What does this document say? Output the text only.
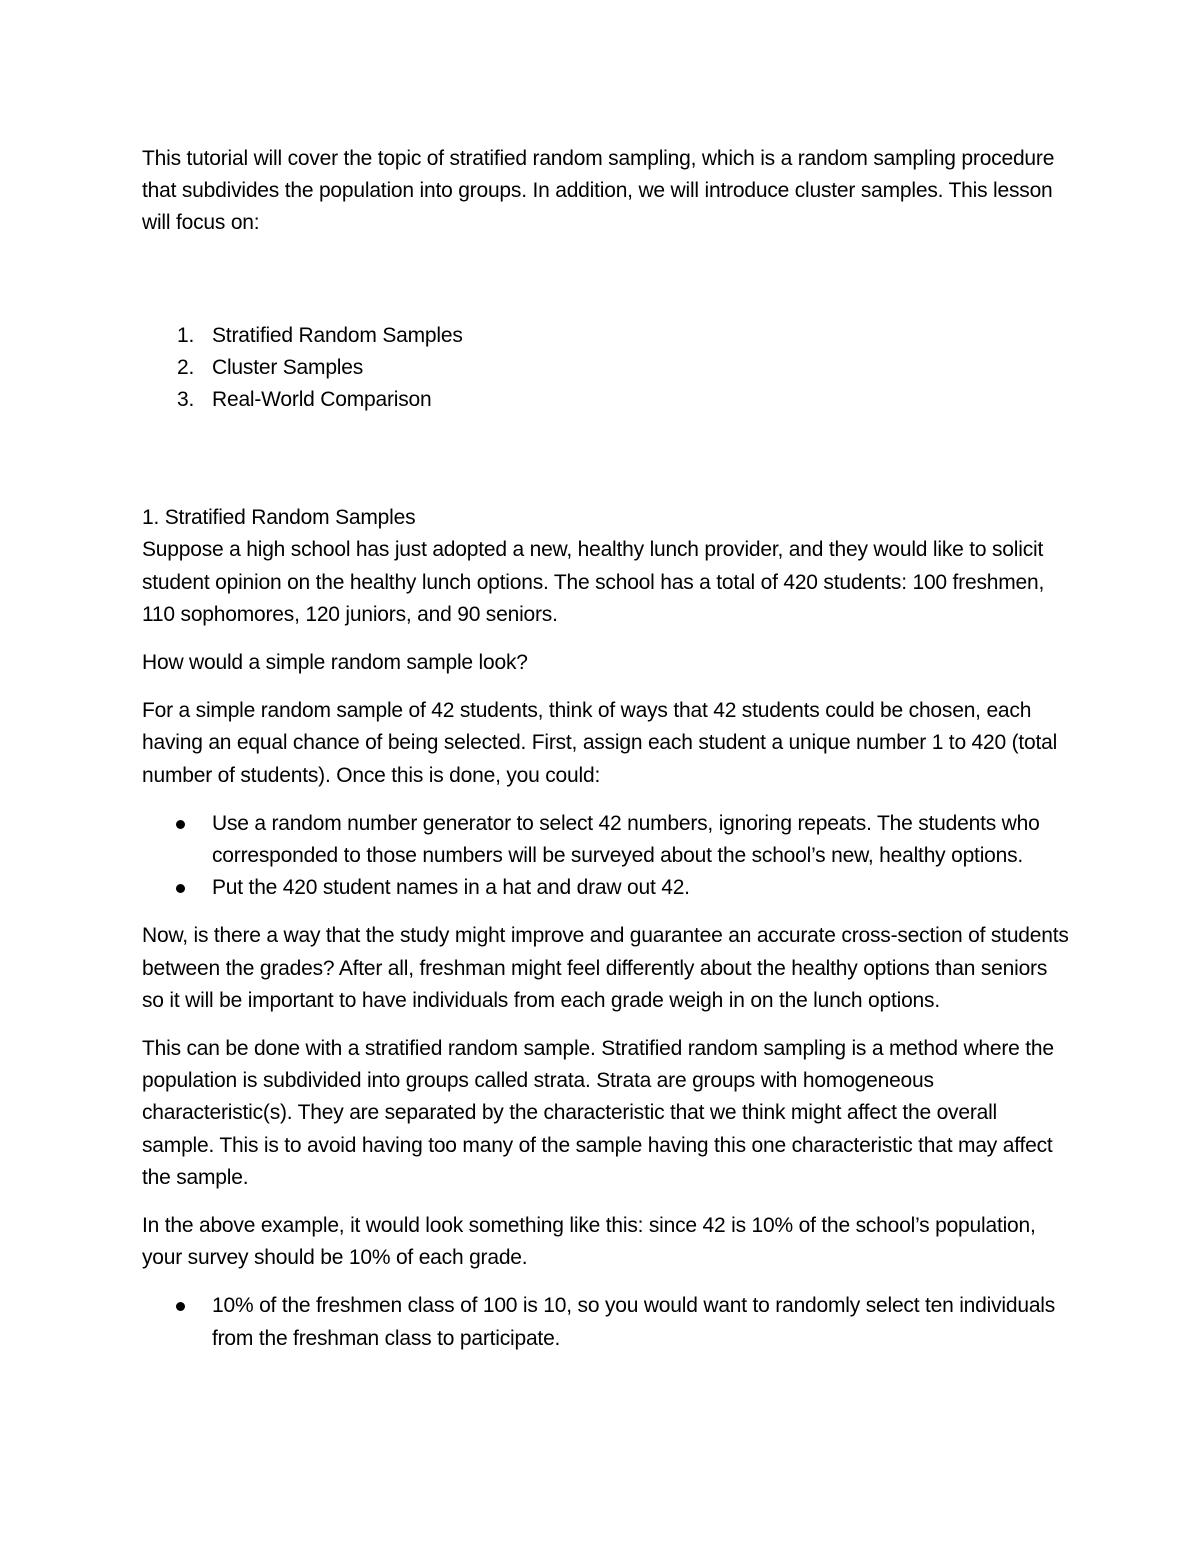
This tutorial will cover the topic of stratified random sampling, which is a random sampling procedure that subdivides the population into groups. In addition, we will introduce cluster samples. This lesson will focus on:

1. Stratified Random Samples
2. Cluster Samples
3. Real-World Comparison

1. Stratified Random Samples

Suppose a high school has just adopted a new, healthy lunch provider, and they would like to solicit student opinion on the healthy lunch options. The school has a total of 420 students: 100 freshmen, 110 sophomores, 120 juniors, and 90 seniors.

How would a simple random sample look?

For a simple random sample of 42 students, think of ways that 42 students could be chosen, each having an equal chance of being selected. First, assign each student a unique number 1 to 420 (total number of students). Once this is done, you could:

Use a random number generator to select 42 numbers, ignoring repeats. The students who corresponded to those numbers will be surveyed about the school’s new, healthy options.
Put the 420 student names in a hat and draw out 42.

Now, is there a way that the study might improve and guarantee an accurate cross-section of students between the grades? After all, freshman might feel differently about the healthy options than seniors so it will be important to have individuals from each grade weigh in on the lunch options.

This can be done with a stratified random sample. Stratified random sampling is a method where the population is subdivided into groups called strata. Strata are groups with homogeneous characteristic(s). They are separated by the characteristic that we think might affect the overall sample. This is to avoid having too many of the sample having this one characteristic that may affect the sample.

In the above example, it would look something like this: since 42 is 10% of the school’s population, your survey should be 10% of each grade.

10% of the freshmen class of 100 is 10, so you would want to randomly select ten individuals from the freshman class to participate.
